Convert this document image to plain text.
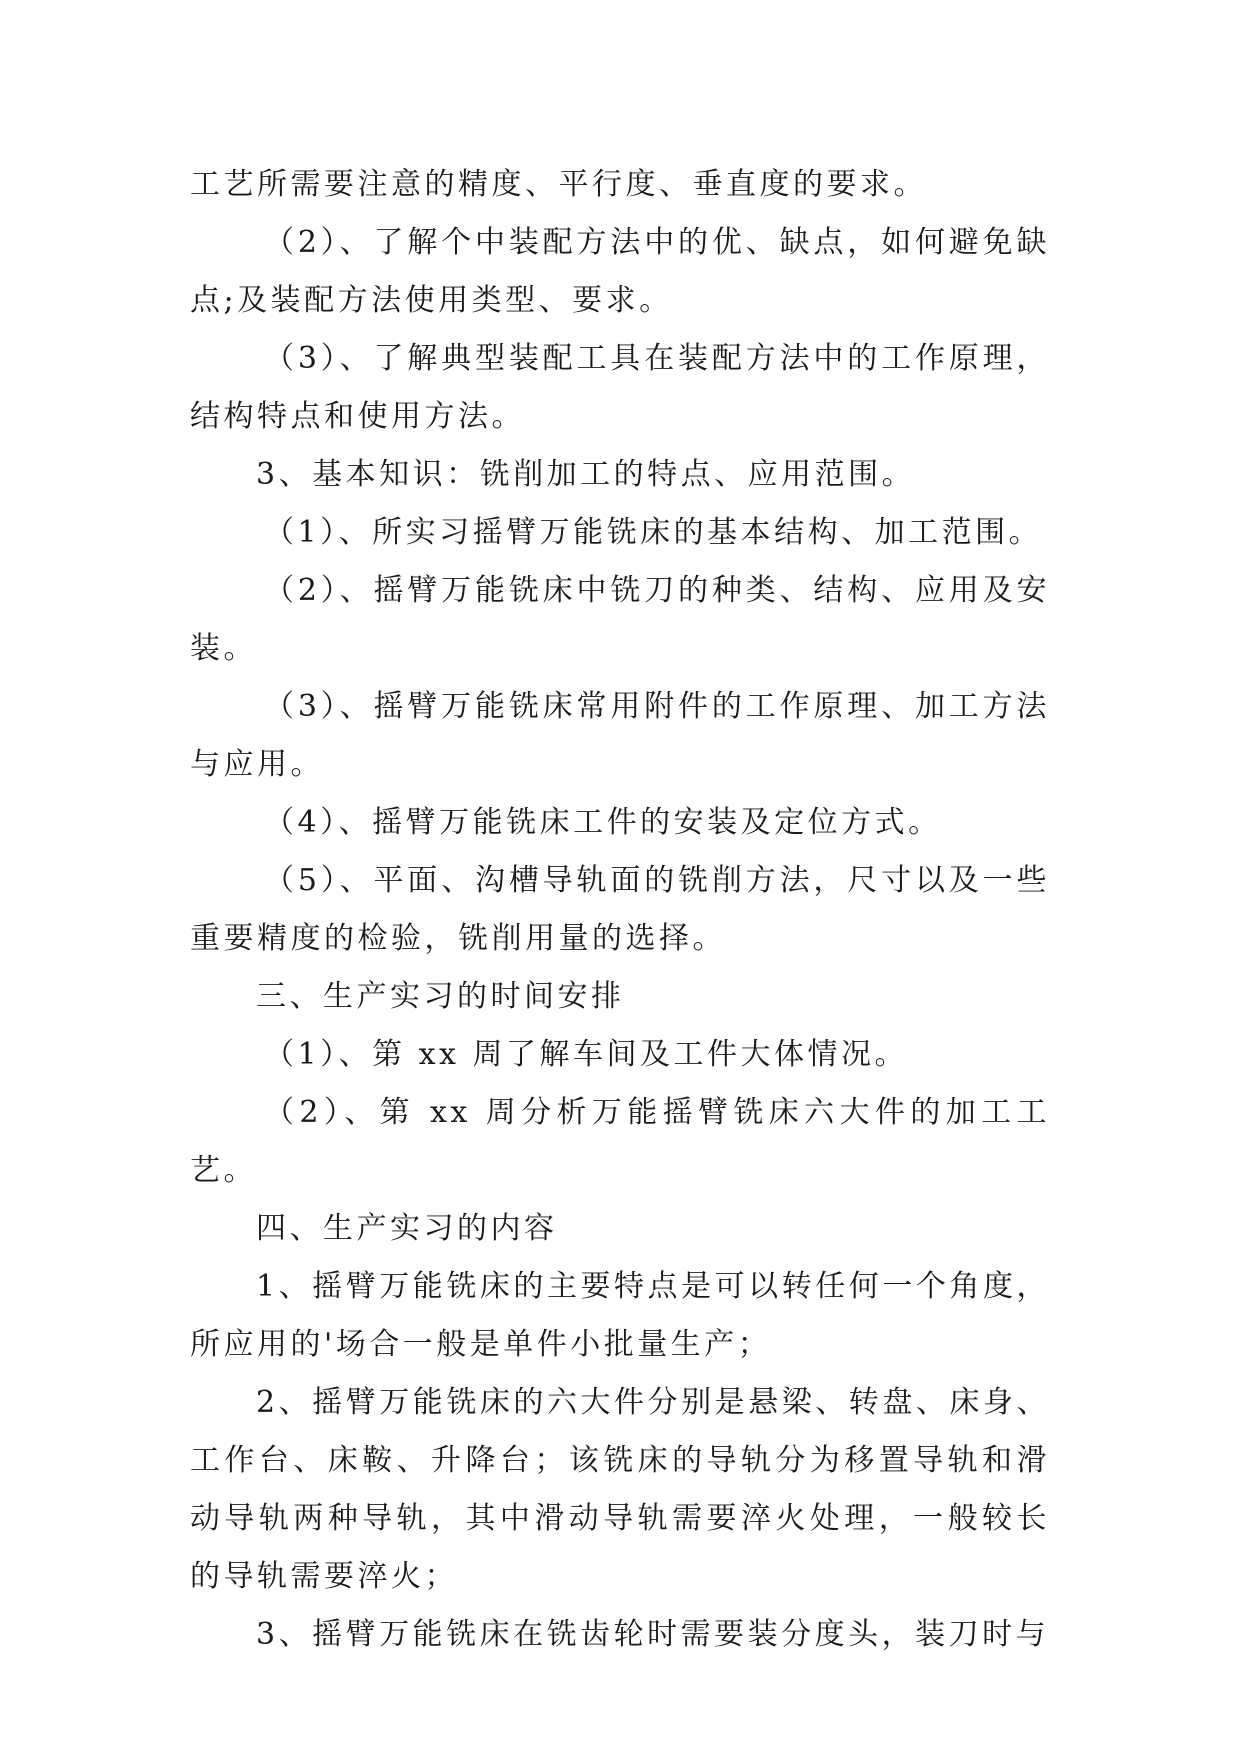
工艺所需要注意的精度、平行度、垂直度的要求。

（2）、了解个中装配方法中的优、缺点，如何避免缺点;及装配方法使用类型、要求。

（3）、了解典型装配工具在装配方法中的工作原理，结构特点和使用方法。

3、基本知识：铣削加工的特点、应用范围。

（1）、所实习摇臂万能铣床的基本结构、加工范围。

（2）、摇臂万能铣床中铣刀的种类、结构、应用及安装。

（3）、摇臂万能铣床常用附件的工作原理、加工方法与应用。

（4）、摇臂万能铣床工件的安装及定位方式。

（5）、平面、沟槽导轨面的铣削方法，尺寸以及一些重要精度的检验，铣削用量的选择。

三、生产实习的时间安排

（1）、第 xx 周了解车间及工件大体情况。

（2）、第 xx 周分析万能摇臂铣床六大件的加工工艺。

四、生产实习的内容

1、摇臂万能铣床的主要特点是可以转任何一个角度，所应用的'场合一般是单件小批量生产；

2、摇臂万能铣床的六大件分别是悬梁、转盘、床身、工作台、床鞍、升降台；该铣床的导轨分为移置导轨和滑动导轨两种导轨，其中滑动导轨需要淬火处理，一般较长的导轨需要淬火；

3、摇臂万能铣床在铣齿轮时需要装分度头，装刀时与
